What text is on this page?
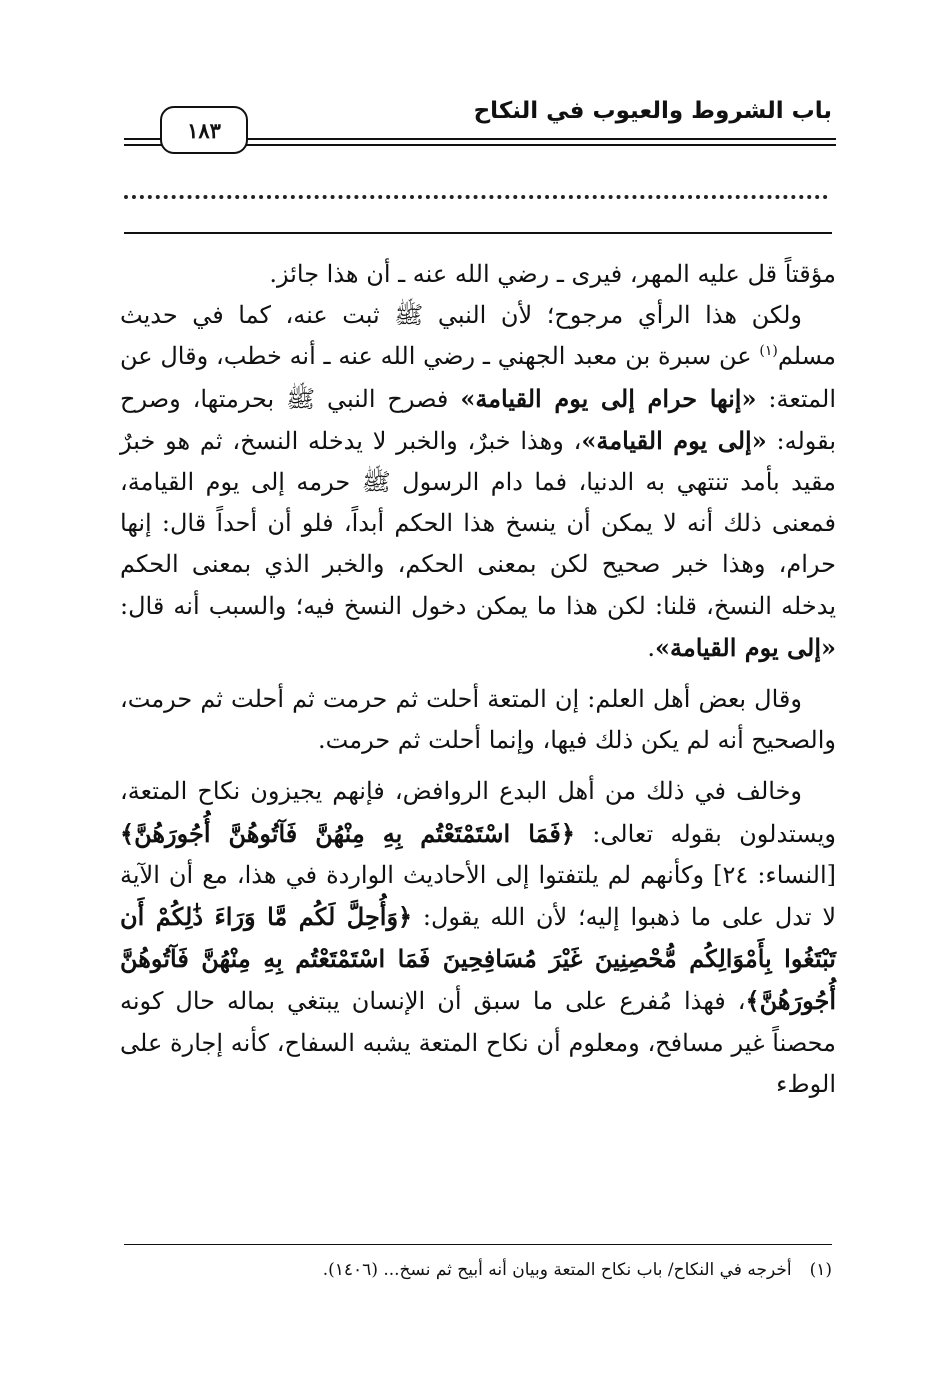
باب الشروط والعيوب في النكاح
١٨٣

مؤقتاً قل عليه المهر، فيرى ـ رضي الله عنه ـ أن هذا جائز.

ولكن هذا الرأي مرجوح؛ لأن النبي ﷺ ثبت عنه، كما في حديث مسلم$^{(١)}$ عن سبرة بن معبد الجهني ـ رضي الله عنه ـ أنه خطب، وقال عن المتعة: «إنها حرام إلى يوم القيامة» فصرح النبي ﷺ بحرمتها، وصرح بقوله: «إلى يوم القيامة»، وهذا خبرٌ، والخبر لا يدخله النسخ، ثم هو خبرٌ مقيد بأمد تنتهي به الدنيا، فما دام الرسول ﷺ حرمه إلى يوم القيامة، فمعنى ذلك أنه لا يمكن أن ينسخ هذا الحكم أبداً، فلو أن أحداً قال: إنها حرام، وهذا خبر صحيح لكن بمعنى الحكم، والخبر الذي بمعنى الحكم يدخله النسخ، قلنا: لكن هذا ما يمكن دخول النسخ فيه؛ والسبب أنه قال: «إلى يوم القيامة».

وقال بعض أهل العلم: إن المتعة أحلت ثم حرمت ثم أحلت ثم حرمت، والصحيح أنه لم يكن ذلك فيها، وإنما أحلت ثم حرمت.

وخالف في ذلك من أهل البدع الروافض، فإنهم يجيزون نكاح المتعة، ويستدلون بقوله تعالى: ﴿فَمَا اسْتَمْتَعْتُم بِهِ مِنْهُنَّ فَآتُوهُنَّ أُجُورَهُنَّ﴾ [النساء: ٢٤] وكأنهم لم يلتفتوا إلى الأحاديث الواردة في هذا، مع أن الآية لا تدل على ما ذهبوا إليه؛ لأن الله يقول: ﴿وَأُحِلَّ لَكُم مَّا وَرَاءَ ذَٰلِكُمْ أَن تَبْتَغُوا بِأَمْوَالِكُم مُّحْصِنِينَ غَيْرَ مُسَافِحِينَ فَمَا اسْتَمْتَعْتُم بِهِ مِنْهُنَّ فَآتُوهُنَّ أُجُورَهُنَّ﴾، فهذا مُفرع على ما سبق أن الإنسان يبتغي بماله حال كونه محصناً غير مسافح، ومعلوم أن نكاح المتعة يشبه السفاح، كأنه إجارة على الوطء

(١)أخرجه في النكاح/ باب نكاح المتعة وبيان أنه أبيح ثم نسخ... (١٤٠٦).
